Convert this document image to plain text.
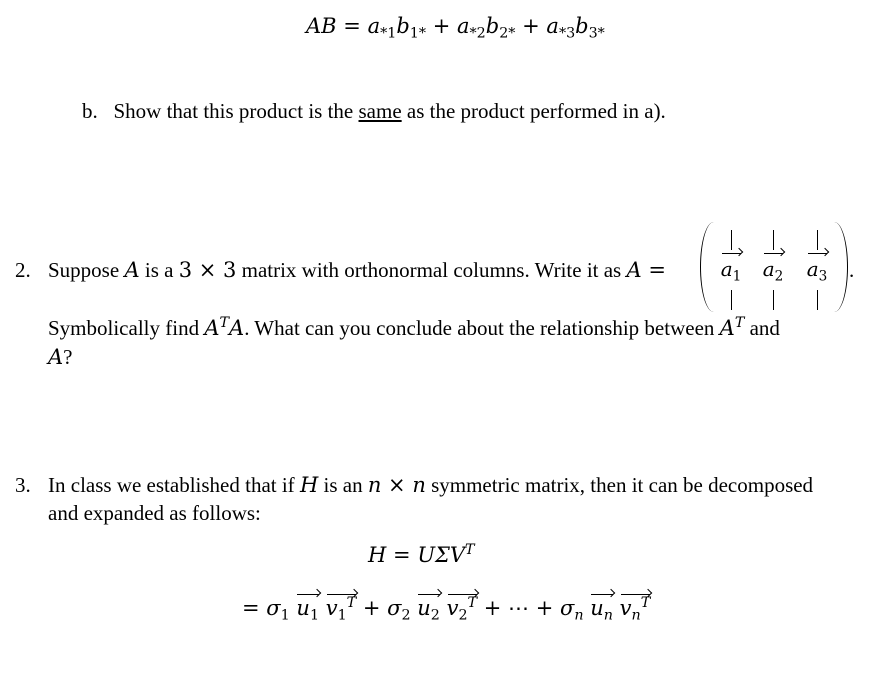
AB = $a_{*1}b_{1*} + a_{*2}b_{2*} + a_{*3}b_{3*}$
b. Show that this product is the same as the product performed in a).
2. Suppose A is a 3 × 3 matrix with orthonormal columns. Write it as A =	$a_1$ $a_2$ $a_3$ .
Symbolically find $A^TA$. What can you conclude about the relationship between $A^T$ and
A?
3. In class we established that if H is an n × n symmetric matrix, then it can be decomposed
and expanded as follows:
$H = U\Sigma V^T$
= $\sigma_1$ $u_1$ $v_1^T + \sigma_2$ $u_2$ $v_2^T$ + ⋯ + $\sigma_n$ $u_n$ $v_n^T$
